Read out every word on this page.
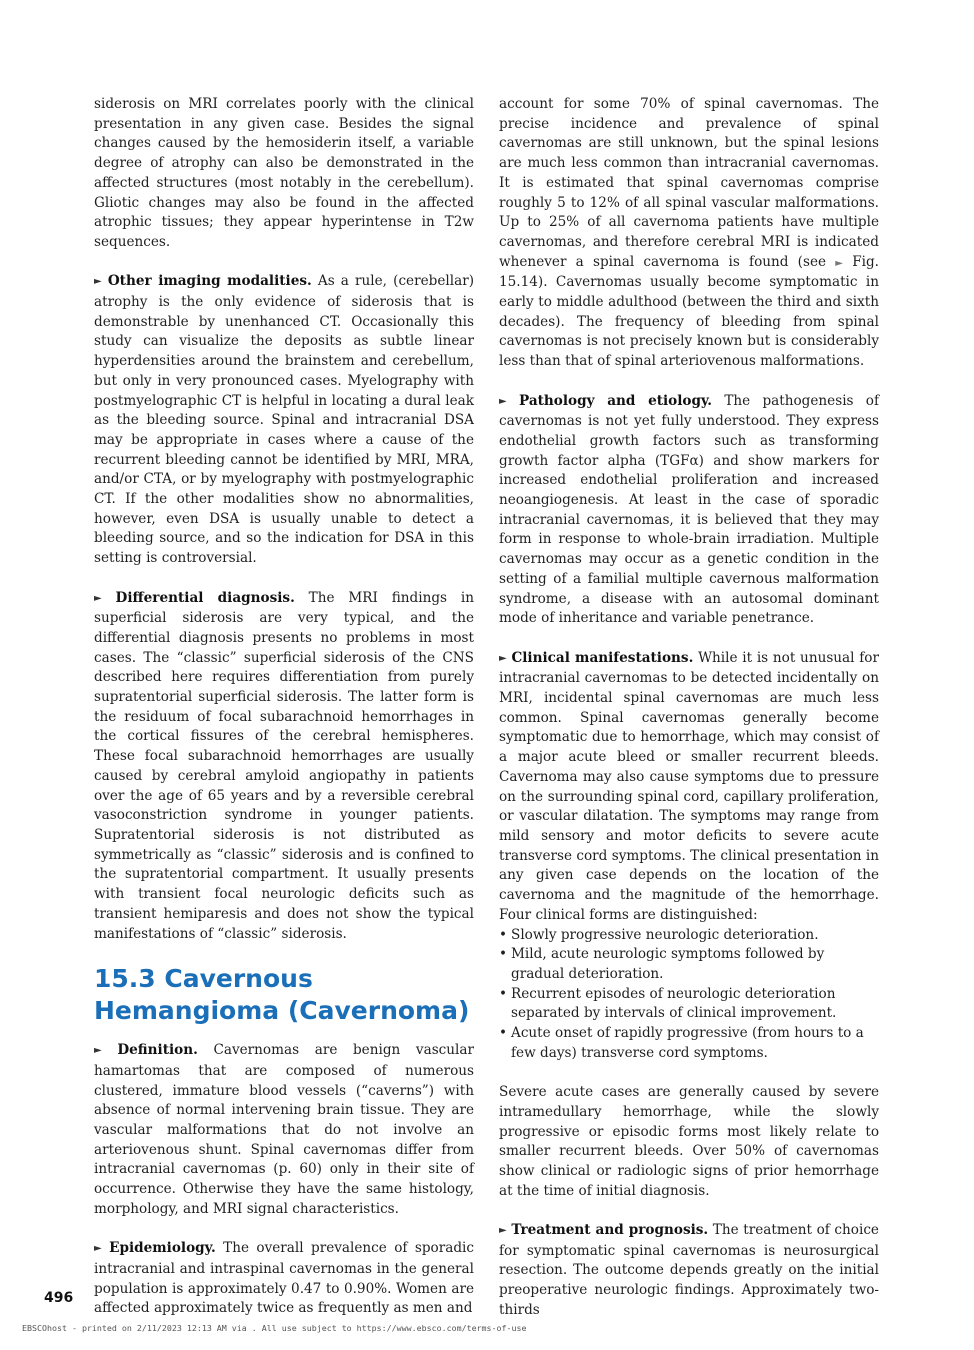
siderosis on MRI correlates poorly with the clinical presentation in any given case. Besides the signal changes caused by the hemosiderin itself, a variable degree of atrophy can also be demonstrated in the affected structures (most notably in the cerebellum). Gliotic changes may also be found in the affected atrophic tissues; they appear hyperintense in T2w sequences.

► Other imaging modalities. As a rule, (cerebellar) atrophy is the only evidence of siderosis that is demonstrable by unenhanced CT. Occasionally this study can visualize the deposits as subtle linear hyperdensities around the brainstem and cerebellum, but only in very pronounced cases. Myelography with postmyelographic CT is helpful in locating a dural leak as the bleeding source. Spinal and intracranial DSA may be appropriate in cases where a cause of the recurrent bleeding cannot be identified by MRI, MRA, and/or CTA, or by myelography with postmyelographic CT. If the other modalities show no abnormalities, however, even DSA is usually unable to detect a bleeding source, and so the indication for DSA in this setting is controversial.

► Differential diagnosis. The MRI findings in superficial siderosis are very typical, and the differential diagnosis presents no problems in most cases. The “classic” superficial siderosis of the CNS described here requires differentiation from purely supratentorial superficial siderosis. The latter form is the residuum of focal subarachnoid hemorrhages in the cortical fissures of the cerebral hemispheres. These focal subarachnoid hemorrhages are usually caused by cerebral amyloid angiopathy in patients over the age of 65 years and by a reversible cerebral vasoconstriction syndrome in younger patients. Supratentorial siderosis is not distributed as symmetrically as “classic” siderosis and is confined to the supratentorial compartment. It usually presents with transient focal neurologic deficits such as transient hemiparesis and does not show the typical manifestations of “classic” siderosis.

15.3 Cavernous Hemangioma (Cavernoma)

► Definition. Cavernomas are benign vascular hamartomas that are composed of numerous clustered, immature blood vessels (“caverns”) with absence of normal intervening brain tissue. They are vascular malformations that do not involve an arteriovenous shunt. Spinal cavernomas differ from intracranial cavernomas (p. 60) only in their site of occurrence. Otherwise they have the same histology, morphology, and MRI signal characteristics.

► Epidemiology. The overall prevalence of sporadic intracranial and intraspinal cavernomas in the general population is approximately 0.47 to 0.90%. Women are affected approximately twice as frequently as men and

account for some 70% of spinal cavernomas. The precise incidence and prevalence of spinal cavernomas are still unknown, but the spinal lesions are much less common than intracranial cavernomas. It is estimated that spinal cavernomas comprise roughly 5 to 12% of all spinal vascular malformations. Up to 25% of all cavernoma patients have multiple cavernomas, and therefore cerebral MRI is indicated whenever a spinal cavernoma is found (see ► Fig. 15.14). Cavernomas usually become symptomatic in early to middle adulthood (between the third and sixth decades). The frequency of bleeding from spinal cavernomas is not precisely known but is considerably less than that of spinal arteriovenous malformations.

► Pathology and etiology. The pathogenesis of cavernomas is not yet fully understood. They express endothelial growth factors such as transforming growth factor alpha (TGFα) and show markers for increased endothelial proliferation and increased neoangiogenesis. At least in the case of sporadic intracranial cavernomas, it is believed that they may form in response to whole-brain irradiation. Multiple cavernomas may occur as a genetic condition in the setting of a familial multiple cavernous malformation syndrome, a disease with an autosomal dominant mode of inheritance and variable penetrance.

► Clinical manifestations. While it is not unusual for intracranial cavernomas to be detected incidentally on MRI, incidental spinal cavernomas are much less common. Spinal cavernomas generally become symptomatic due to hemorrhage, which may consist of a major acute bleed or smaller recurrent bleeds. Cavernoma may also cause symptoms due to pressure on the surrounding spinal cord, capillary proliferation, or vascular dilatation. The symptoms may range from mild sensory and motor deficits to severe acute transverse cord symptoms. The clinical presentation in any given case depends on the location of the cavernoma and the magnitude of the hemorrhage. Four clinical forms are distinguished:

• Slowly progressive neurologic deterioration.
• Mild, acute neurologic symptoms followed by gradual deterioration.
• Recurrent episodes of neurologic deterioration separated by intervals of clinical improvement.
• Acute onset of rapidly progressive (from hours to a few days) transverse cord symptoms.

Severe acute cases are generally caused by severe intramedullary hemorrhage, while the slowly progressive or episodic forms most likely relate to smaller recurrent bleeds. Over 50% of cavernomas show clinical or radiologic signs of prior hemorrhage at the time of initial diagnosis.

► Treatment and prognosis. The treatment of choice for symptomatic spinal cavernomas is neurosurgical resection. The outcome depends greatly on the initial preoperative neurologic findings. Approximately two-thirds

496
EBSCOhost - printed on 2/11/2023 12:13 AM via . All use subject to https://www.ebsco.com/terms-of-use
